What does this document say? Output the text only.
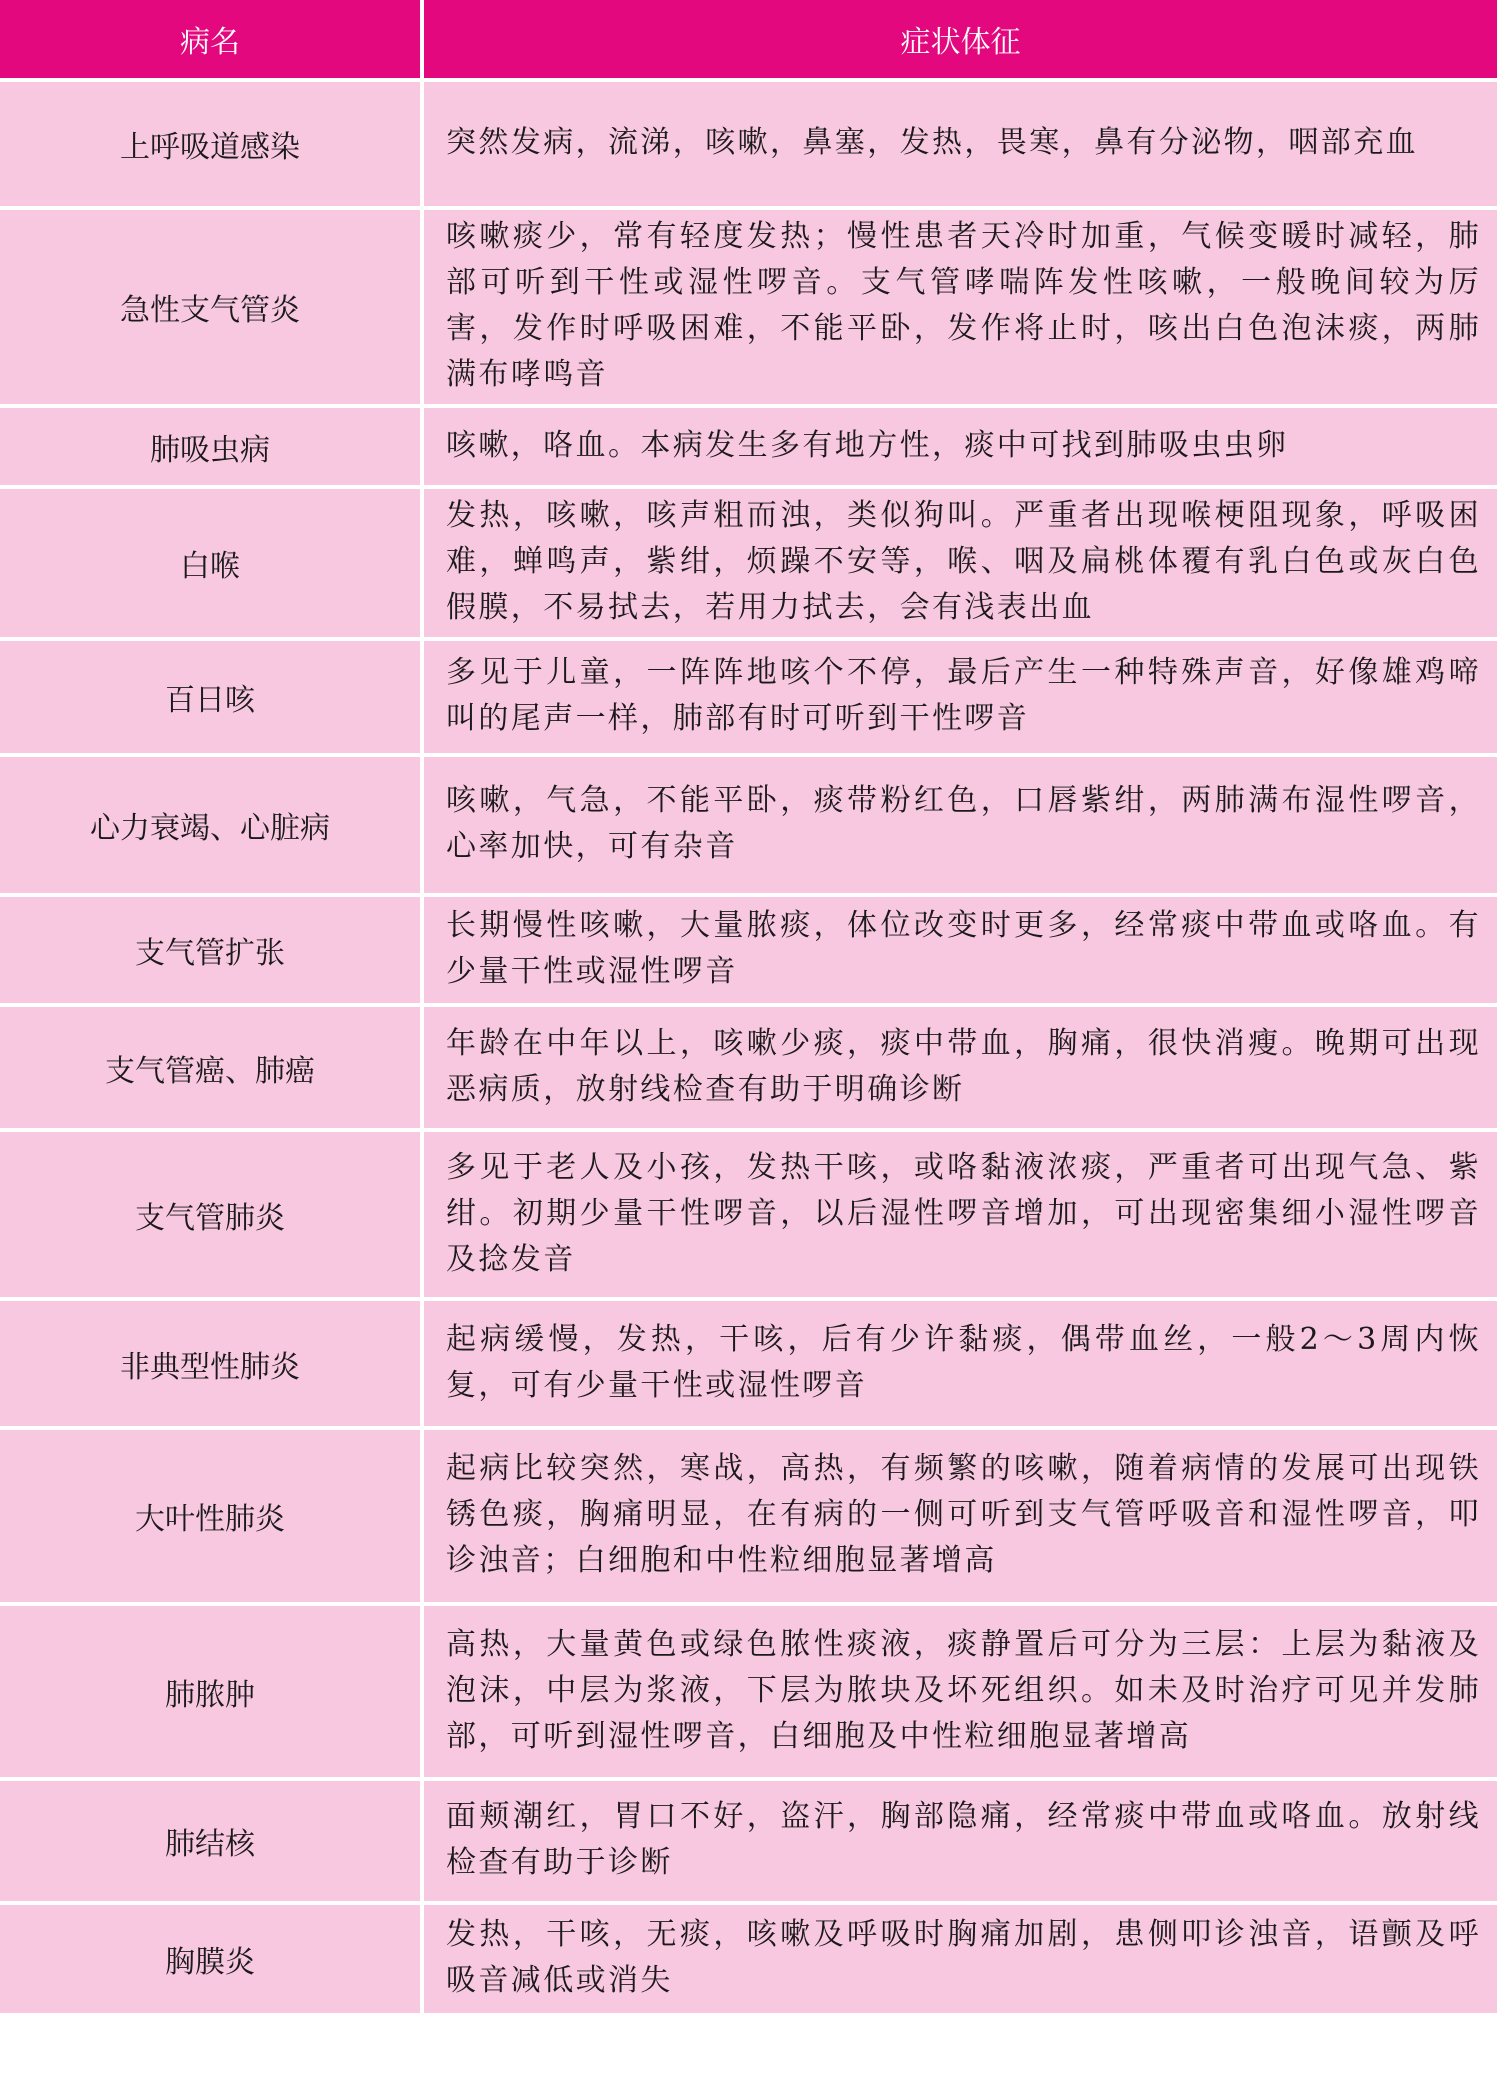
病名	症状体征
上呼吸道感染	突然发病，流涕，咳嗽，鼻塞，发热，畏寒，鼻有分泌物，咽部充血
急性支气管炎	咳嗽痰少，常有轻度发热；慢性患者天冷时加重，气候变暖时减轻，肺部可听到干性或湿性啰音。支气管哮喘阵发性咳嗽，一般晚间较为厉害，发作时呼吸困难，不能平卧，发作将止时，咳出白色泡沫痰，两肺满布哮鸣音
肺吸虫病	咳嗽，咯血。本病发生多有地方性，痰中可找到肺吸虫虫卵
白喉	发热，咳嗽，咳声粗而浊，类似狗叫。严重者出现喉梗阻现象，呼吸困难，蝉鸣声，紫绀，烦躁不安等，喉、咽及扁桃体覆有乳白色或灰白色假膜，不易拭去，若用力拭去，会有浅表出血
百日咳	多见于儿童，一阵阵地咳个不停，最后产生一种特殊声音，好像雄鸡啼叫的尾声一样，肺部有时可听到干性啰音
心力衰竭、心脏病	咳嗽，气急，不能平卧，痰带粉红色，口唇紫绀，两肺满布湿性啰音，心率加快，可有杂音
支气管扩张	长期慢性咳嗽，大量脓痰，体位改变时更多，经常痰中带血或咯血。有少量干性或湿性啰音
支气管癌、肺癌	年龄在中年以上，咳嗽少痰，痰中带血，胸痛，很快消瘦。晚期可出现恶病质，放射线检查有助于明确诊断
支气管肺炎	多见于老人及小孩，发热干咳，或咯黏液浓痰，严重者可出现气急、紫绀。初期少量干性啰音，以后湿性啰音增加，可出现密集细小湿性啰音及捻发音
非典型性肺炎	起病缓慢，发热，干咳，后有少许黏痰，偶带血丝，一般2～3周内恢复，可有少量干性或湿性啰音
大叶性肺炎	起病比较突然，寒战，高热，有频繁的咳嗽，随着病情的发展可出现铁锈色痰，胸痛明显，在有病的一侧可听到支气管呼吸音和湿性啰音，叩诊浊音；白细胞和中性粒细胞显著增高
肺脓肿	高热，大量黄色或绿色脓性痰液，痰静置后可分为三层：上层为黏液及泡沫，中层为浆液，下层为脓块及坏死组织。如未及时治疗可见并发肺部，可听到湿性啰音，白细胞及中性粒细胞显著增高
肺结核	面颊潮红，胃口不好，盗汗，胸部隐痛，经常痰中带血或咯血。放射线检查有助于诊断
胸膜炎	发热，干咳，无痰，咳嗽及呼吸时胸痛加剧，患侧叩诊浊音，语颤及呼吸音减低或消失
